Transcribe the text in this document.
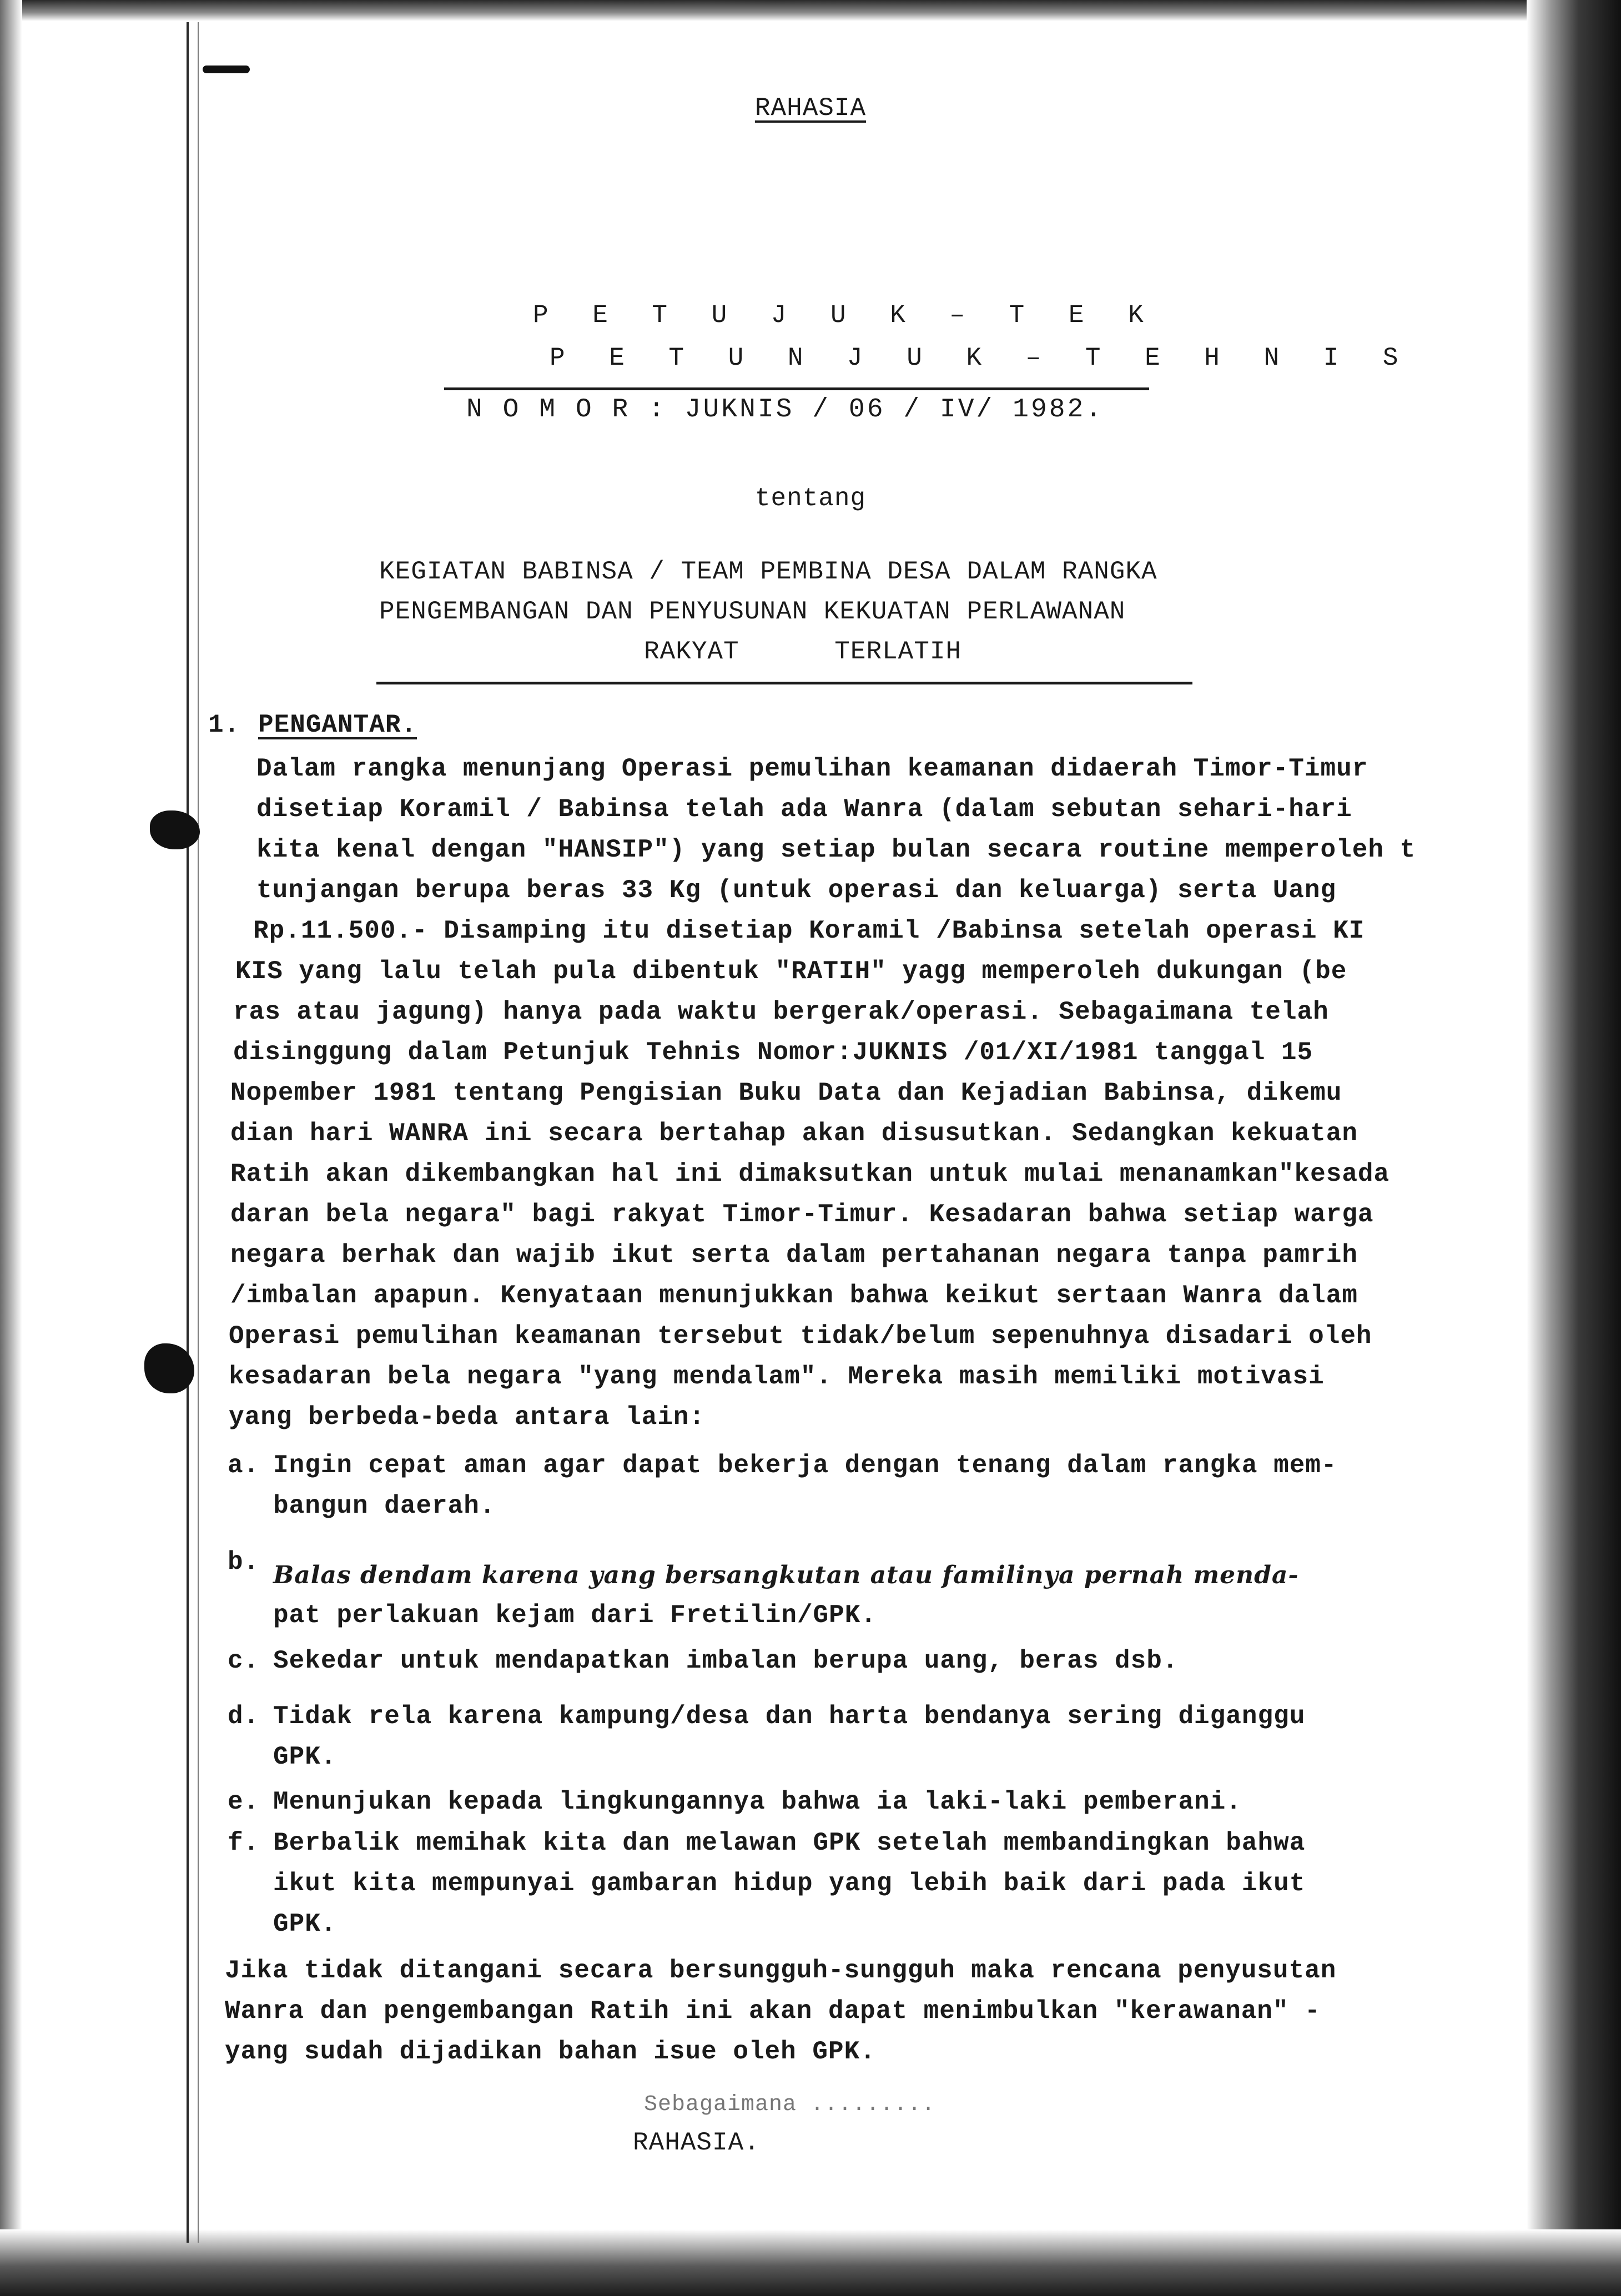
RAHASIA
P E T U J U K – T E K
P E T U N J U K – T E H N I S
N O M O R : JUKNIS / 06 / IV/ 1982.
tentang
KEGIATAN BABINSA / TEAM PEMBINA DESA DALAM RANGKA
PENGEMBANGAN DAN PENYUSUNAN KEKUATAN PERLAWANAN
RAKYAT      TERLATIH
1. PENGANTAR.
Dalam rangka menunjang Operasi pemulihan keamanan didaerah Timor-Timur
disetiap Koramil / Babinsa telah ada Wanra (dalam sebutan sehari-hari
kita kenal dengan "HANSIP") yang setiap bulan secara routine memperoleh t
tunjangan berupa beras 33 Kg (untuk operasi dan keluarga) serta Uang
Rp.11.500.- Disamping itu disetiap Koramil /Babinsa setelah operasi KI
KIS yang lalu telah pula dibentuk "RATIH" yagg memperoleh dukungan (be
ras atau jagung) hanya pada waktu bergerak/operasi. Sebagaimana telah
disinggung dalam Petunjuk Tehnis Nomor:JUKNIS /01/XI/1981 tanggal 15
Nopember 1981 tentang Pengisian Buku Data dan Kejadian Babinsa, dikemu
dian hari WANRA ini secara bertahap akan disusutkan. Sedangkan kekuatan
Ratih akan dikembangkan hal ini dimaksutkan untuk mulai menanamkan"kesada
daran bela negara" bagi rakyat Timor-Timur. Kesadaran bahwa setiap warga
negara berhak dan wajib ikut serta dalam pertahanan negara tanpa pamrih
/imbalan apapun. Kenyataan menunjukkan bahwa keikut sertaan Wanra dalam
Operasi pemulihan keamanan tersebut tidak/belum sepenuhnya disadari oleh
kesadaran bela negara "yang mendalam". Mereka masih memiliki motivasi
yang berbeda-beda antara lain:
a. Ingin cepat aman agar dapat bekerja dengan tenang dalam rangka mem-
bangun daerah.
b. Balas dendam karena yang bersangkutan atau familinya pernah menda-
pat perlakuan kejam dari Fretilin/GPK.
c. Sekedar untuk mendapatkan imbalan berupa uang, beras dsb.
d. Tidak rela karena kampung/desa dan harta bendanya sering diganggu
GPK.
e. Menunjukan kepada lingkungannya bahwa ia laki-laki pemberani.
f. Berbalik memihak kita dan melawan GPK setelah membandingkan bahwa
ikut kita mempunyai gambaran hidup yang lebih baik dari pada ikut
GPK.
Jika tidak ditangani secara bersungguh-sungguh maka rencana penyusutan
Wanra dan pengembangan Ratih ini akan dapat menimbulkan "kerawanan" -
yang sudah dijadikan bahan isue oleh GPK.
Sebagaimana .........
RAHASIA.
